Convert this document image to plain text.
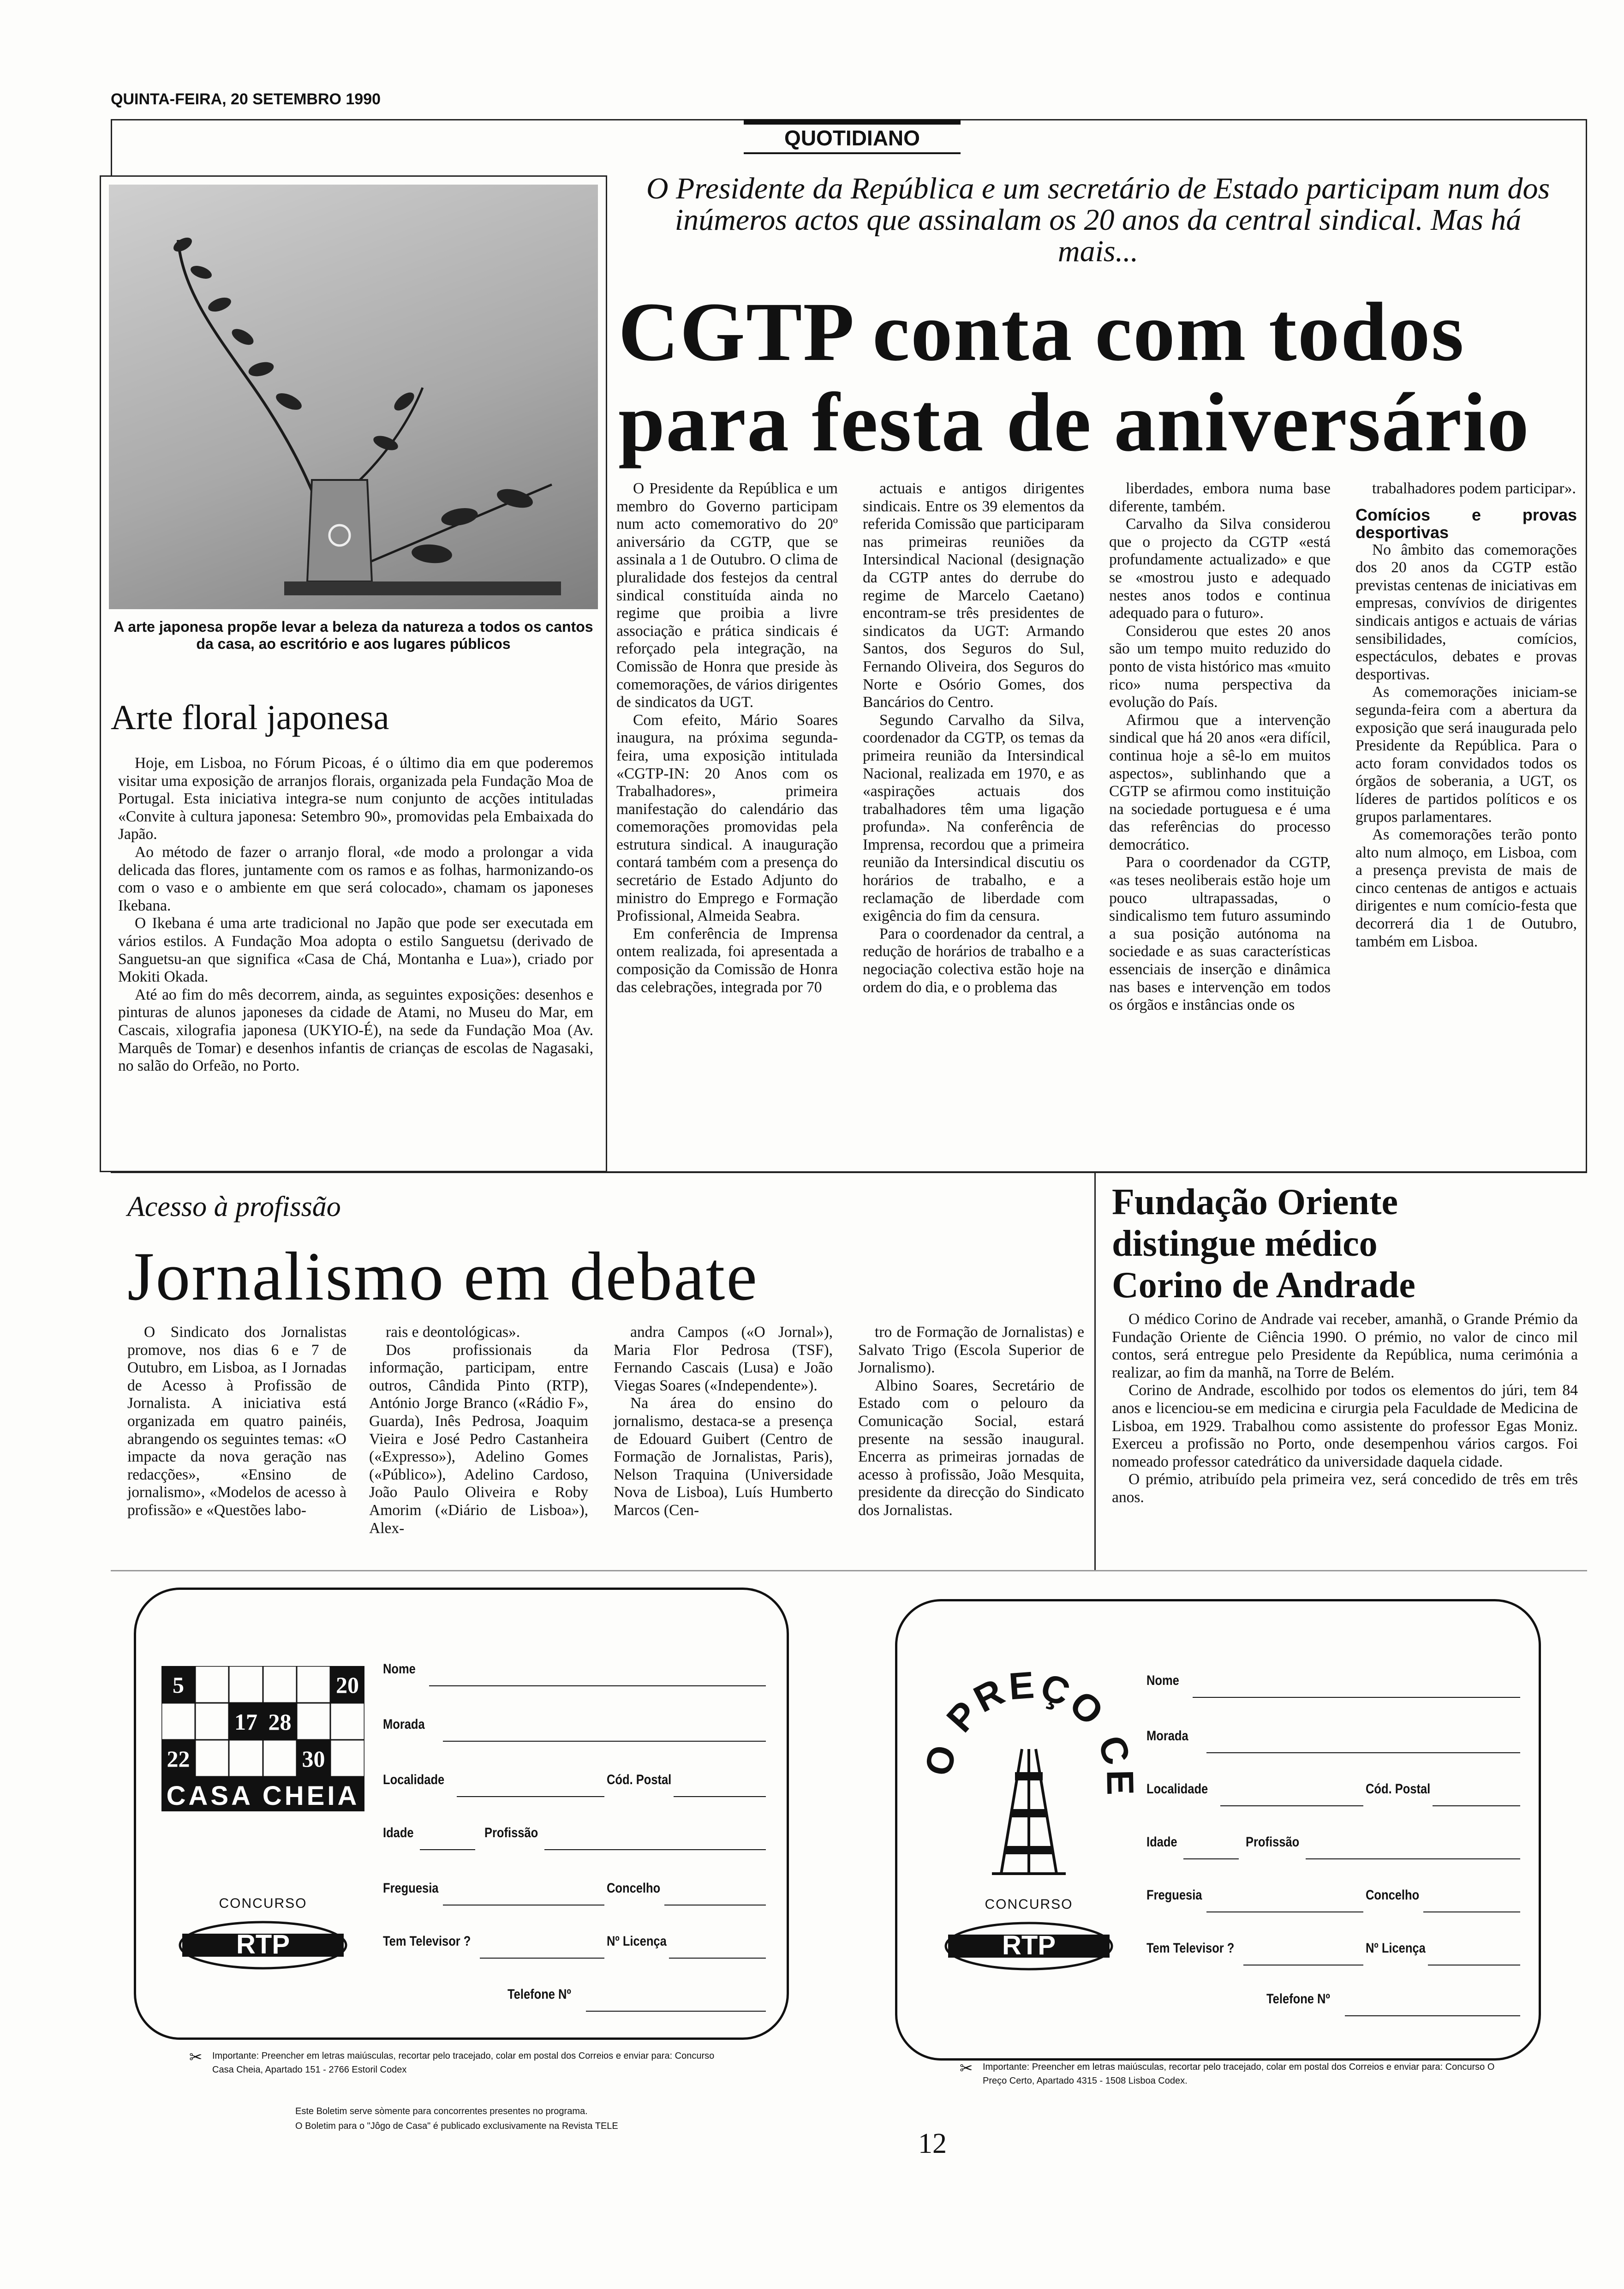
QUINTA-FEIRA, 20 SETEMBRO 1990
QUOTIDIANO
A arte japonesa propõe levar a beleza da natureza a todos os cantos da casa, ao escritório e aos lugares públicos
Arte floral japonesa

Hoje, em Lisboa, no Fórum Picoas, é o último dia em que poderemos visitar uma exposição de arranjos florais, organizada pela Fundação Moa de Portugal. Esta iniciativa integra-se num conjunto de acções intituladas «Convite à cultura japonesa: Setembro 90», promovidas pela Embaixada do Japão.

Ao método de fazer o arranjo floral, «de modo a prolongar a vida delicada das flores, juntamente com os ramos e as folhas, harmonizando-os com o vaso e o ambiente em que será colocado», chamam os japoneses Ikebana.

O Ikebana é uma arte tradicional no Japão que pode ser executada em vários estilos. A Fundação Moa adopta o estilo Sanguetsu (derivado de Sanguetsu-an que significa «Casa de Chá, Montanha e Lua»), criado por Mokiti Okada.

Até ao fim do mês decorrem, ainda, as seguintes exposições: desenhos e pinturas de alunos japoneses da cidade de Atami, no Museu do Mar, em Cascais, xilografia japonesa (UKYIO-É), na sede da Fundação Moa (Av. Marquês de Tomar) e desenhos infantis de crianças de escolas de Nagasaki, no salão do Orfeão, no Porto.

O Presidente da República e um secretário de Estado participam num dos inúmeros actos que assinalam os 20 anos da central sindical. Mas há mais...
CGTP conta com todos
para festa de aniversário

O Presidente da República e um membro do Governo participam num acto comemorativo do 20º aniversário da CGTP, que se assinala a 1 de Outubro. O clima de pluralidade dos festejos da central sindical constituída ainda no regime que proibia a livre associação e prática sindicais é reforçado pela integração, na Comissão de Honra que preside às comemorações, de vários dirigentes de sindicatos da UGT.

Com efeito, Mário Soares inaugura, na próxima segunda-feira, uma exposição intitulada «CGTP-IN: 20 Anos com os Trabalhadores», primeira manifestação do calendário das comemorações promovidas pela estrutura sindical. A inauguração contará também com a presença do secretário de Estado Adjunto do ministro do Emprego e Formação Profissional, Almeida Seabra.

Em conferência de Imprensa ontem realizada, foi apresentada a composição da Comissão de Honra das celebrações, integrada por 70

actuais e antigos dirigentes sindicais. Entre os 39 elementos da referida Comissão que participaram nas primeiras reuniões da Intersindical Nacional (designação da CGTP antes do derrube do regime de Marcelo Caetano) encontram-se três presidentes de sindicatos da UGT: Armando Santos, dos Seguros do Sul, Fernando Oliveira, dos Seguros do Norte e Osório Gomes, dos Bancários do Centro.

Segundo Carvalho da Silva, coordenador da CGTP, os temas da primeira reunião da Intersindical Nacional, realizada em 1970, e as «aspirações actuais dos trabalhadores têm uma ligação profunda». Na conferência de Imprensa, recordou que a primeira reunião da Intersindical discutiu os horários de trabalho, e a reclamação de liberdade com exigência do fim da censura.

Para o coordenador da central, a redução de horários de trabalho e a negociação colectiva estão hoje na ordem do dia, e o problema das

liberdades, embora numa base diferente, também.

Carvalho da Silva considerou que o projecto da CGTP «está profundamente actualizado» e que se «mostrou justo e adequado nestes anos todos e continua adequado para o futuro».

Considerou que estes 20 anos são um tempo muito reduzido do ponto de vista histórico mas «muito rico» numa perspectiva da evolução do País.

Afirmou que a intervenção sindical que há 20 anos «era difícil, continua hoje a sê-lo em muitos aspectos», sublinhando que a CGTP se afirmou como instituição na sociedade portuguesa e é uma das referências do processo democrático.

Para o coordenador da CGTP, «as teses neoliberais estão hoje um pouco ultrapassadas, o sindicalismo tem futuro assumindo a sua posição autónoma na sociedade e as suas características essenciais de inserção e dinâmica nas bases e intervenção em todos os órgãos e instâncias onde os

trabalhadores podem participar».

Comícios e provas desportivas

No âmbito das comemorações dos 20 anos da CGTP estão previstas centenas de iniciativas em empresas, convívios de dirigentes sindicais antigos e actuais de várias sensibilidades, comícios, espectáculos, debates e provas desportivas.

As comemorações iniciam-se segunda-feira com a abertura da exposição que será inaugurada pelo Presidente da República. Para o acto foram convidados todos os órgãos de soberania, a UGT, os líderes de partidos políticos e os grupos parlamentares.

As comemorações terão ponto alto num almoço, em Lisboa, com a presença prevista de mais de cinco centenas de antigos e actuais dirigentes e num comício-festa que decorrerá dia 1 de Outubro, também em Lisboa.

Acesso à profissão
Jornalismo em debate

O Sindicato dos Jornalistas promove, nos dias 6 e 7 de Outubro, em Lisboa, as I Jornadas de Acesso à Profissão de Jornalista. A iniciativa está organizada em quatro painéis, abrangendo os seguintes temas: «O impacte da nova geração nas redacções», «Ensino de jornalismo», «Modelos de acesso à profissão» e «Questões labo-

rais e deontológicas».

Dos profissionais da informação, participam, entre outros, Cândida Pinto (RTP), António Jorge Branco («Rádio F», Guarda), Inês Pedrosa, Joaquim Vieira e José Pedro Castanheira («Expresso»), Adelino Gomes («Público»), Adelino Cardoso, João Paulo Oliveira e Roby Amorim («Diário de Lisboa»), Alex-

andra Campos («O Jornal»), Maria Flor Pedrosa (TSF), Fernando Cascais (Lusa) e João Viegas Soares («Independente»).

Na área do ensino do jornalismo, destaca-se a presença de Edouard Guibert (Centro de Formação de Jornalistas, Paris), Nelson Traquina (Universidade Nova de Lisboa), Luís Humberto Marcos (Cen-

tro de Formação de Jornalistas) e Salvato Trigo (Escola Superior de Jornalismo).

Albino Soares, Secretário de Estado com o pelouro da Comunicação Social, estará presente na sessão inaugural. Encerra as primeiras jornadas de acesso à profissão, João Mesquita, presidente da direcção do Sindicato dos Jornalistas.

Fundação Oriente
distingue médico
Corino de Andrade

O médico Corino de Andrade vai receber, amanhã, o Grande Prémio da Fundação Oriente de Ciência 1990. O prémio, no valor de cinco mil contos, será entregue pelo Presidente da República, numa cerimónia a realizar, ao fim da manhã, na Torre de Belém.

Corino de Andrade, escolhido por todos os elementos do júri, tem 84 anos e licenciou-se em medicina e cirurgia pela Faculdade de Medicina de Lisboa, em 1929. Trabalhou como assistente do professor Egas Moniz. Exerceu a profissão no Porto, onde desempenhou vários cargos. Foi nomeado professor catedrático da universidade daquela cidade.

O prémio, atribuído pela primeira vez, será concedido de três em três anos.

5	20
17 28
22	30
CASA CHEIA
CONCURSO
RTP
Nome
Morada
Localidade	Cód. Postal
Idade	Profissão
Freguesia	Concelho
Tem Televisor ?	Nº Licença
Telefone Nº
✂ Importante: Preencher em letras maiúsculas, recortar pelo tracejado, colar em postal dos Correios e enviar para: Concurso Casa Cheia, Apartado 151 - 2766 Estoril Codex
PREÇO C
CONCURSO
RTP
Nome
Morada
Localidade	Cód. Postal
Idade	Profissão
Freguesia	Concelho
Tem Televisor ?	Nº Licença
Telefone Nº
✂ Importante: Preencher em letras maiúsculas, recortar pelo tracejado, colar em postal dos Correios e enviar para: Concurso O Preço Certo, Apartado 4315 - 1508 Lisboa Codex.
Este Boletim serve sòmente para concorrentes presentes no programa.
O Boletim para o "Jôgo de Casa" é publicado exclusivamente na Revista TELE
12
